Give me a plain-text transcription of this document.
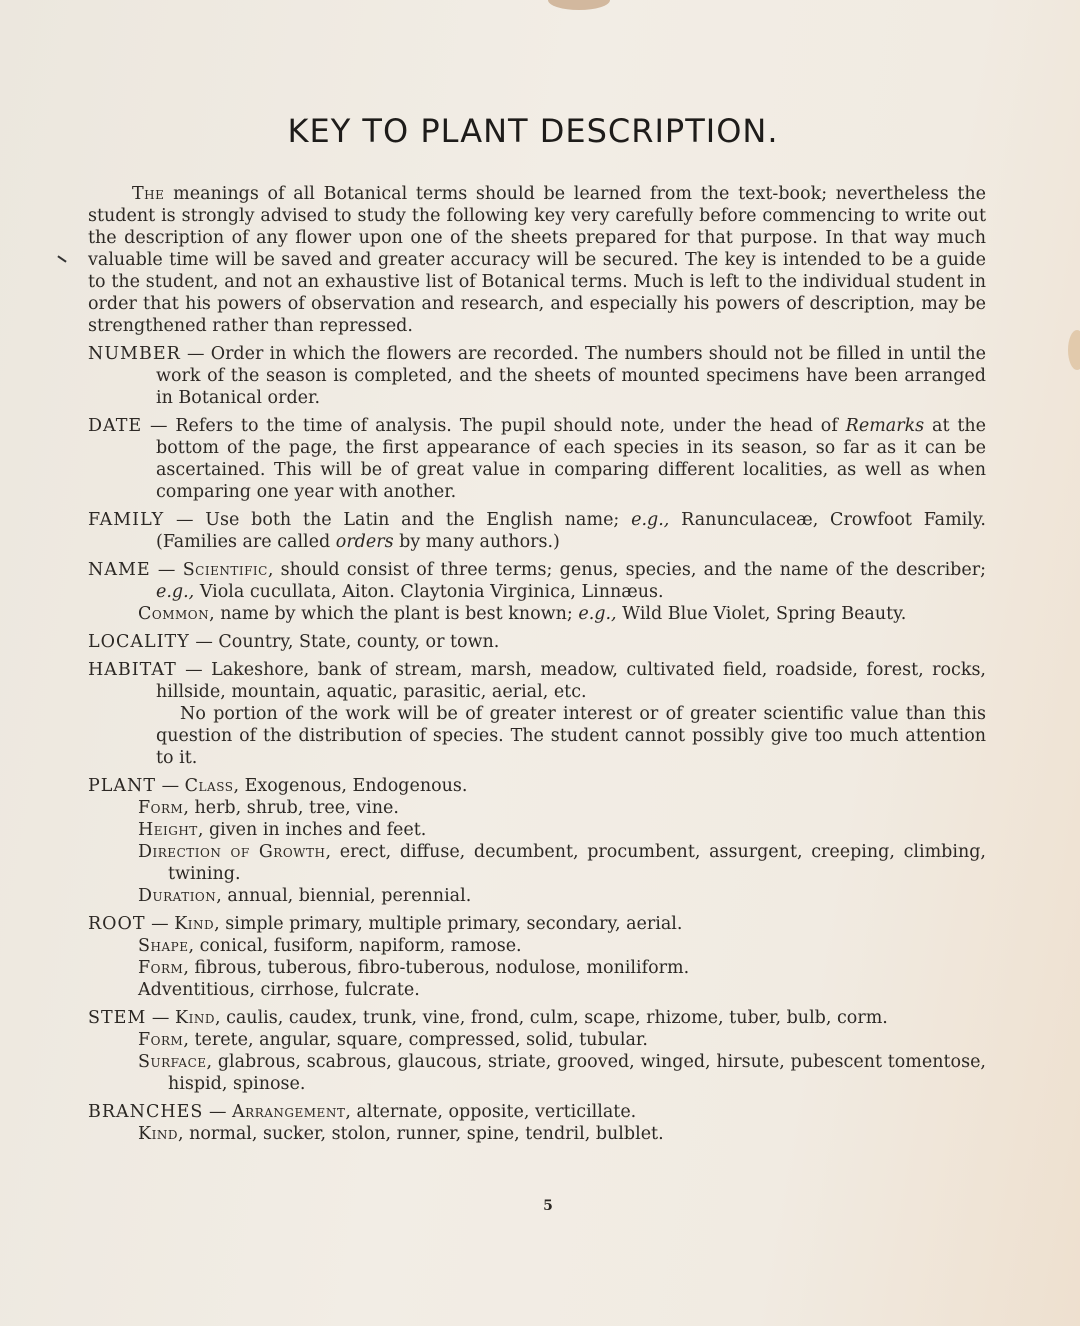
KEY TO PLANT DESCRIPTION.

The meanings of all Botanical terms should be learned from the text-book; nevertheless the student is strongly advised to study the following key very carefully before commencing to write out the description of any flower upon one of the sheets prepared for that purpose. In that way much valuable time will be saved and greater accuracy will be secured. The key is intended to be a guide to the student, and not an exhaustive list of Botanical terms. Much is left to the individual student in order that his powers of observation and research, and especially his powers of description, may be strengthened rather than repressed.

NUMBER — Order in which the flowers are recorded. The numbers should not be filled in until the work of the season is completed, and the sheets of mounted specimens have been arranged in Botanical order.

DATE — Refers to the time of analysis. The pupil should note, under the head of Remarks at the bottom of the page, the first appearance of each species in its season, so far as it can be ascertained. This will be of great value in comparing different localities, as well as when comparing one year with another.

FAMILY — Use both the Latin and the English name; e.g., Ranunculaceæ, Crowfoot Family. (Families are called orders by many authors.)

NAME — Scientific, should consist of three terms; genus, species, and the name of the describer; e.g., Viola cucullata, Aiton. Claytonia Virginica, Linnæus.

Common, name by which the plant is best known; e.g., Wild Blue Violet, Spring Beauty.

LOCALITY — Country, State, county, or town.

HABITAT — Lakeshore, bank of stream, marsh, meadow, cultivated field, roadside, forest, rocks, hillside, mountain, aquatic, parasitic, aerial, etc.

No portion of the work will be of greater interest or of greater scientific value than this question of the distribution of species. The student cannot possibly give too much attention to it.

PLANT — Class, Exogenous, Endogenous.

Form, herb, shrub, tree, vine.

Height, given in inches and feet.

Direction of Growth, erect, diffuse, decumbent, procumbent, assurgent, creeping, climbing, twining.

Duration, annual, biennial, perennial.

ROOT — Kind, simple primary, multiple primary, secondary, aerial.

Shape, conical, fusiform, napiform, ramose.

Form, fibrous, tuberous, fibro-tuberous, nodulose, moniliform.

Adventitious, cirrhose, fulcrate.

STEM — Kind, caulis, caudex, trunk, vine, frond, culm, scape, rhizome, tuber, bulb, corm.

Form, terete, angular, square, compressed, solid, tubular.

Surface, glabrous, scabrous, glaucous, striate, grooved, winged, hirsute, pubescent tomentose, hispid, spinose.

BRANCHES — Arrangement, alternate, opposite, verticillate.

Kind, normal, sucker, stolon, runner, spine, tendril, bulblet.

5
